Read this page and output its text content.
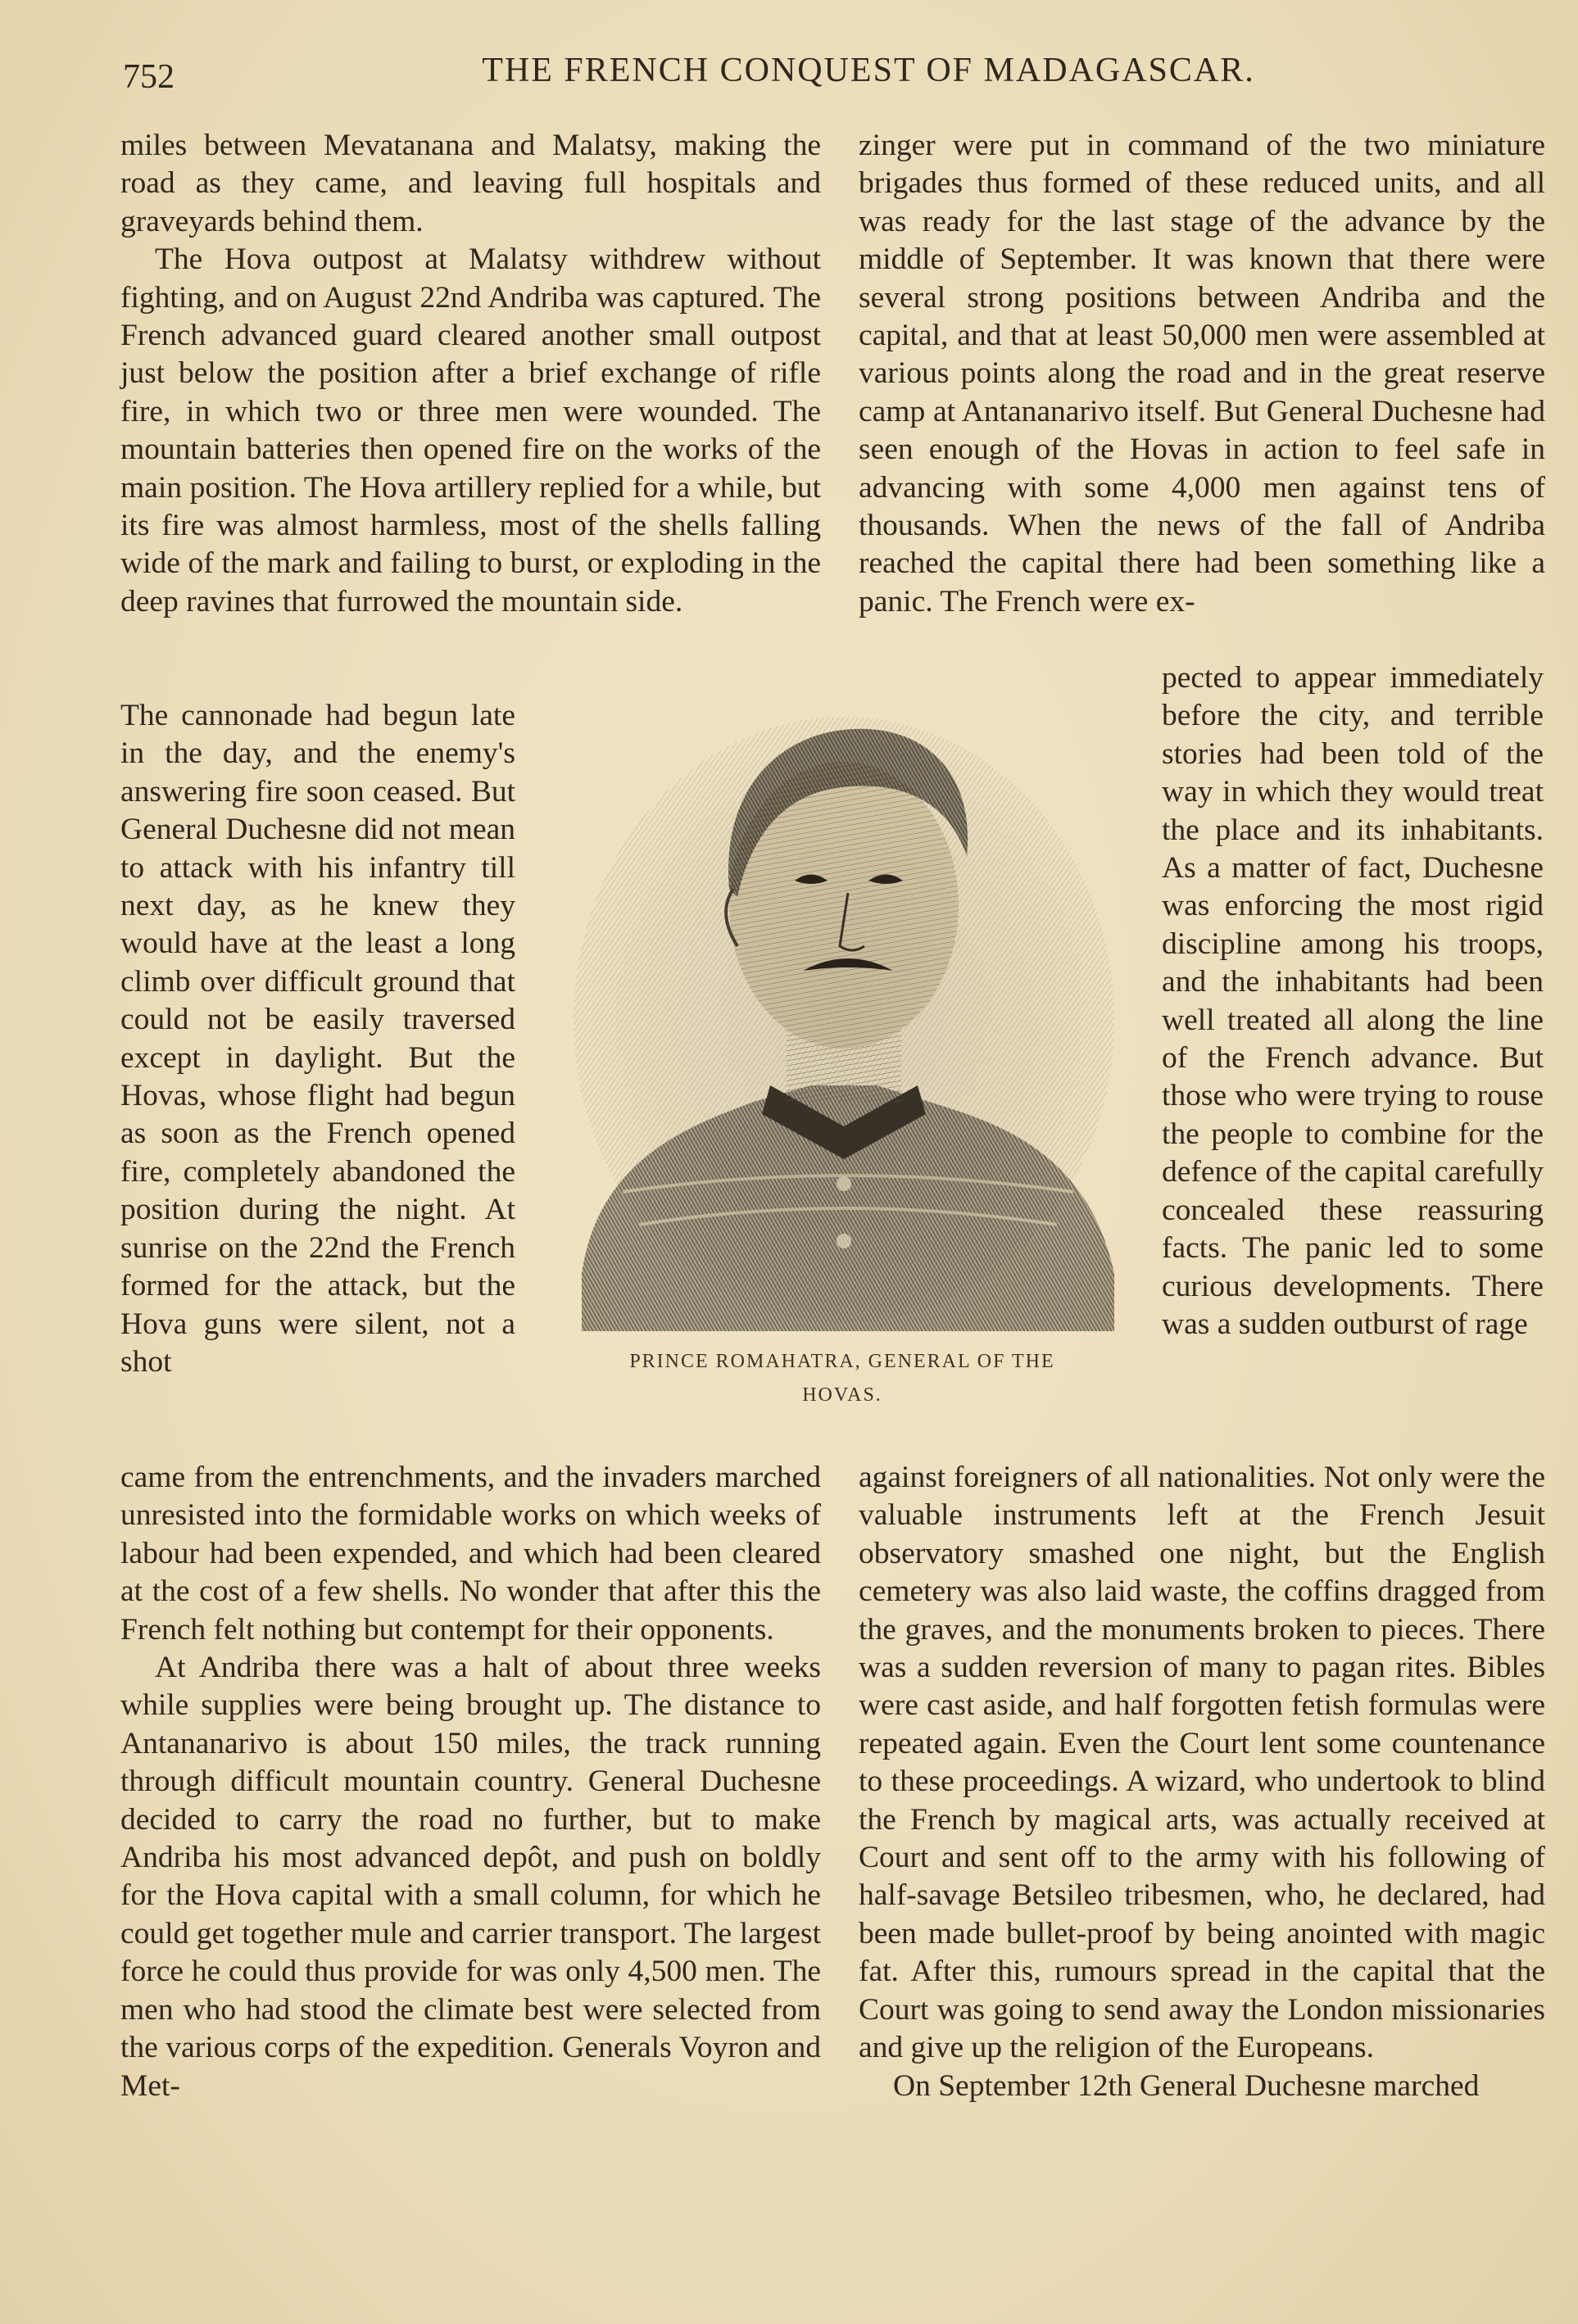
752	THE FRENCH CONQUEST OF MADAGASCAR.

miles between Mevatanana and Malatsy, making the road as they came, and leaving full hospitals and graveyards behind them.

The Hova outpost at Malatsy withdrew without fighting, and on August 22nd Andriba was captured. The French advanced guard cleared another small outpost just below the position after a brief exchange of rifle fire, in which two or three men were wounded. The mountain batteries then opened fire on the works of the main position. The Hova artillery replied for a while, but its fire was almost harmless, most of the shells falling wide of the mark and failing to burst, or exploding in the deep ravines that furrowed the mountain side.

The cannonade had begun late in the day, and the enemy's answering fire soon ceased. But General Duchesne did not mean to attack with his infantry till next day, as he knew they would have at the least a long climb over difficult ground that could not be easily traversed except in daylight. But the Hovas, whose flight had begun as soon as the French opened fire, completely abandoned the position during the night. At sunrise on the 22nd the French formed for the attack, but the Hova guns were silent, not a shot

came from the entrenchments, and the invaders marched unresisted into the formidable works on which weeks of labour had been expended, and which had been cleared at the cost of a few shells. No wonder that after this the French felt nothing but contempt for their opponents.

At Andriba there was a halt of about three weeks while supplies were being brought up. The distance to Antananarivo is about 150 miles, the track running through difficult mountain country. General Duchesne decided to carry the road no further, but to make Andriba his most advanced depôt, and push on boldly for the Hova capital with a small column, for which he could get together mule and carrier transport. The largest force he could thus provide for was only 4,500 men. The men who had stood the climate best were selected from the various corps of the expedition. Generals Voyron and Met-

zinger were put in command of the two miniature brigades thus formed of these reduced units, and all was ready for the last stage of the advance by the middle of September. It was known that there were several strong positions between Andriba and the capital, and that at least 50,000 men were assembled at various points along the road and in the great reserve camp at Antananarivo itself. But General Duchesne had seen enough of the Hovas in action to feel safe in advancing with some 4,000 men against tens of thousands. When the news of the fall of Andriba reached the capital there had been something like a panic. The French were ex-

pected to appear immediately before the city, and terrible stories had been told of the way in which they would treat the place and its inhabitants. As a matter of fact, Duchesne was enforcing the most rigid discipline among his troops, and the inhabitants had been well treated all along the line of the French advance. But those who were trying to rouse the people to combine for the defence of the capital carefully concealed these reassuring facts. The panic led to some curious developments. There was a sudden outburst of rage

against foreigners of all nationalities. Not only were the valuable instruments left at the French Jesuit observatory smashed one night, but the English cemetery was also laid waste, the coffins dragged from the graves, and the monuments broken to pieces. There was a sudden reversion of many to pagan rites. Bibles were cast aside, and half forgotten fetish formulas were repeated again. Even the Court lent some countenance to these proceedings. A wizard, who undertook to blind the French by magical arts, was actually received at Court and sent off to the army with his following of half-savage Betsileo tribesmen, who, he declared, had been made bullet-proof by being anointed with magic fat. After this, rumours spread in the capital that the Court was going to send away the London missionaries and give up the religion of the Europeans.

On September 12th General Duchesne marched

PRINCE ROMAHATRA, GENERAL OF THE HOVAS.
